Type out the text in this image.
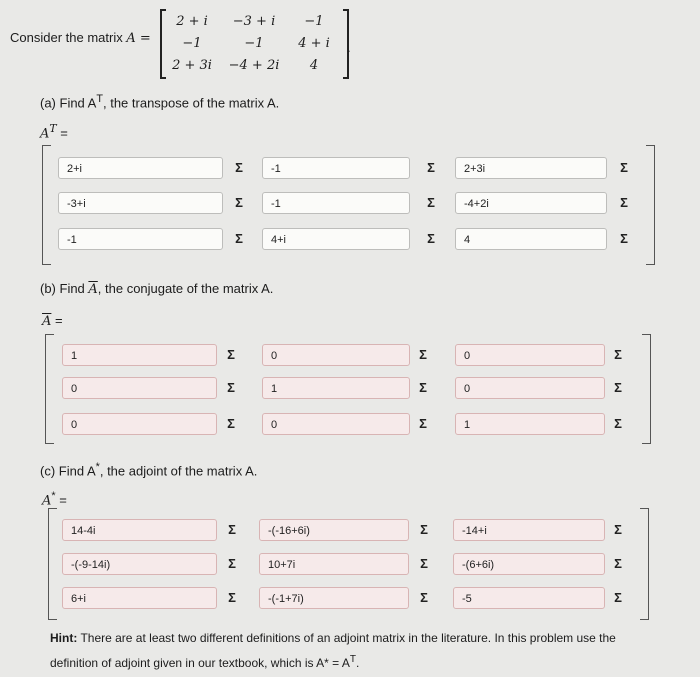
Consider the matrix A =
2 + i	−3 + i	−1
−1	−1	4 + i
2 + 3i	−4 + 2i	4
.
(a) Find $A^T$, the transpose of the matrix A.
$A^T$ =
2+i	Σ	-1	Σ	2+3i	Σ
-3+i	Σ	-1	Σ	-4+2i	Σ
-1	Σ	4+i	Σ	4	Σ
(b) Find $\overline{A}$, the conjugate of the matrix A.
$\overline{A}$ =
1	Σ	0	Σ	0	Σ
0	Σ	1	Σ	0	Σ
0	Σ	0	Σ	1	Σ
(c) Find A*, the adjoint of the matrix A.
A* =
14-4i	Σ	-(-16+6i)	Σ	-14+i	Σ
-(-9-14i)	Σ	10+7i	Σ	-(6+6i)	Σ
6+i	Σ	-(-1+7i)	Σ	-5	Σ
Hint: There are at least two different definitions of an adjoint matrix in the literature. In this problem use the
definition of adjoint given in our textbook, which is $A* = A^T$.
